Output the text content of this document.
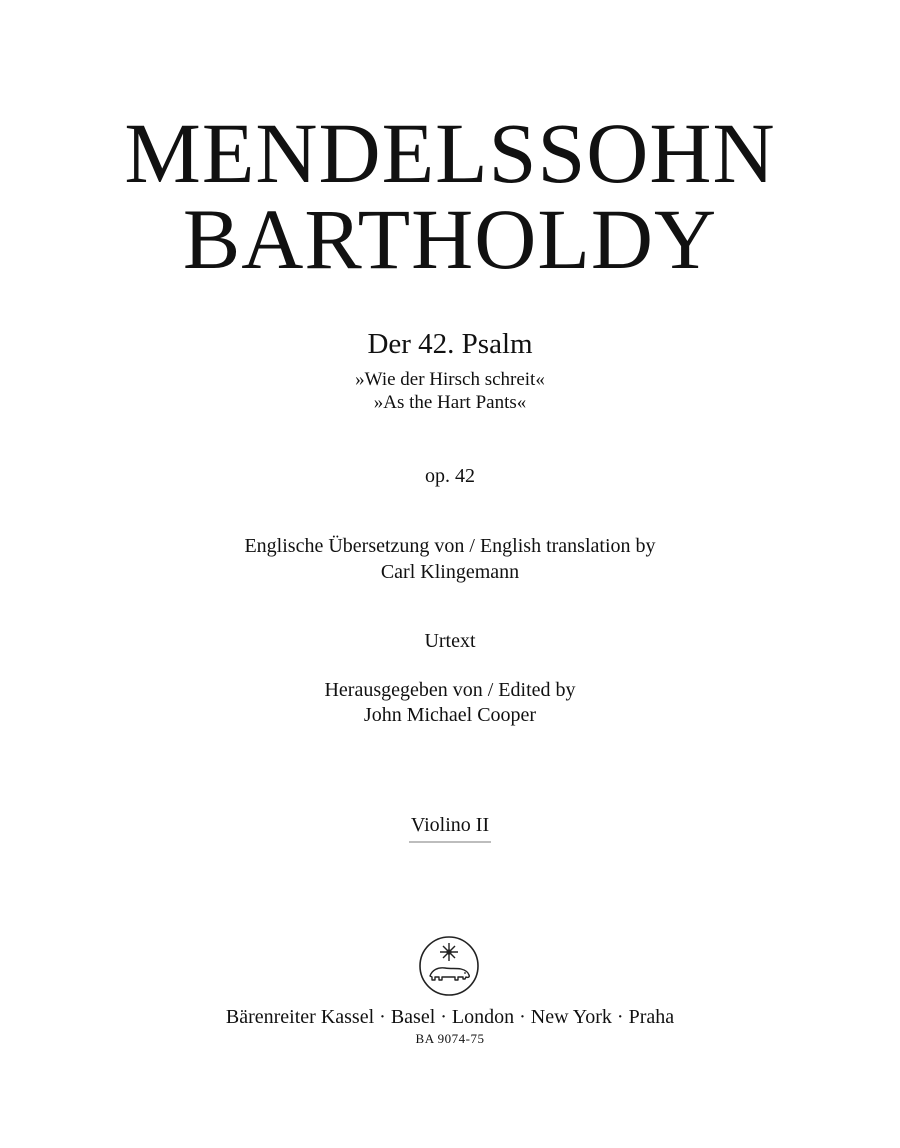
MENDELSSOHN
BARTHOLDY
Der 42. Psalm
»Wie der Hirsch schreit«
»As the Hart Pants«
op. 42
Englische Übersetzung von / English translation by
Carl Klingemann
Urtext
Herausgegeben von / Edited by
John Michael Cooper
Violino II
Bärenreiter Kassel · Basel · London · New York · Praha
BA 9074-75
